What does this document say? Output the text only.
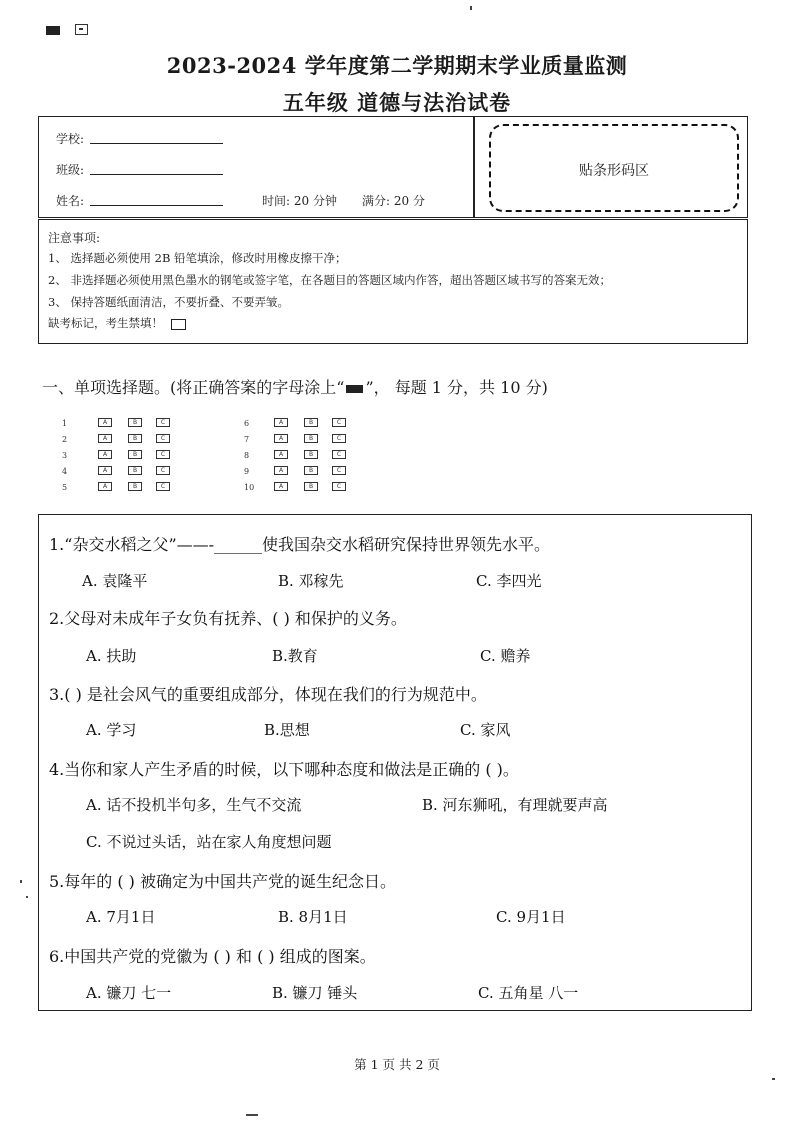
2023-2024 学年度第二学期期末学业质量监测
五年级 道德与法治试卷
学校:
班级:
姓名:	时间: 20 分钟 满分: 20 分
贴条形码区
注意事项:
1、 选择题必须使用 2B 铅笔填涂，修改时用橡皮擦干净；
2、 非选择题必须使用黑色墨水的钢笔或签字笔，在各题目的答题区域内作答，超出答题区域书写的答案无效；
3、 保持答题纸面清洁，不要折叠、不要弄皱。
缺考标记，考生禁填！
一、单项选择题。(将正确答案的字母涂上“ ”， 每题 1 分，共 10 分)
1	A	B	C
2	A	B	C
3	A	B	C
4	A	B	C
5	A	B	C
6	A	B	C
7	A	B	C
8	A	B	C
9	A	B	C
10	A	B	C
1.“杂交水稻之父”——-______使我国杂交水稻研究保持世界领先水平。
A. 袁隆平	B. 邓稼先	C. 李四光
2.父母对未成年子女负有抚养、( ) 和保护的义务。
A. 扶助	B.教育	C. 赡养
3.( ) 是社会风气的重要组成部分，体现在我们的行为规范中。
A. 学习	B.思想	C. 家风
4.当你和家人产生矛盾的时候，以下哪种态度和做法是正确的 ( )。
A. 话不投机半句多，生气不交流	B. 河东狮吼，有理就要声高
C. 不说过头话，站在家人角度想问题
5.每年的 ( ) 被确定为中国共产党的诞生纪念日。
A. 7月1日	B. 8月1日	C. 9月1日
6.中国共产党的党徽为 ( ) 和 ( ) 组成的图案。
A. 镰刀 七一	B. 镰刀 锤头	C. 五角星 八一
第 1 页 共 2 页
